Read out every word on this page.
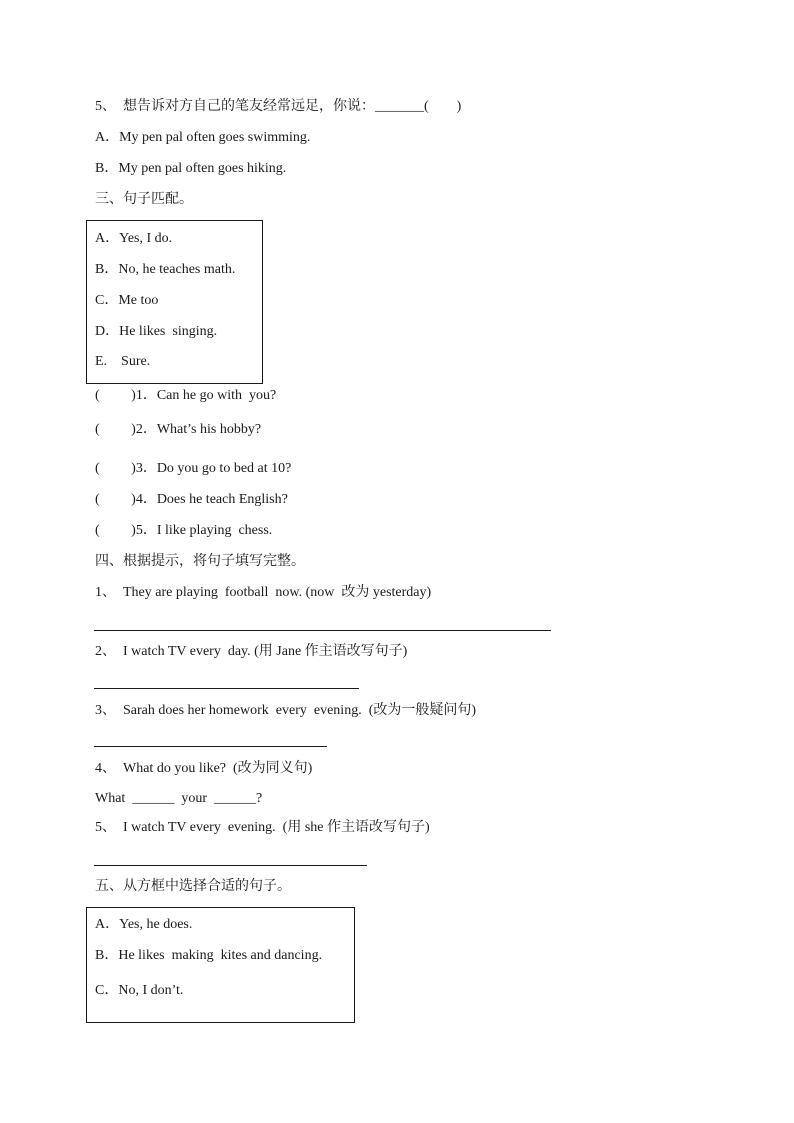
5、  想告诉对方自己的笔友经常远足，你说：_______(　　)
A．My pen pal often goes swimming.
B．My pen pal often goes hiking.
三、句子匹配。
A．Yes, I do.
B．No, he teaches math.
C．Me too
D．He likes  singing.
E.    Sure.
(　　 )1．Can he go with  you?
(　　 )2．What’s his hobby?
(　　 )3．Do you go to bed at 10?
(　　 )4．Does he teach English?
(　　 )5．I like playing  chess.
四、根据提示，将句子填写完整。
1、  They are playing  football  now. (now  改为 yesterday)
2、  I watch TV every  day. (用 Jane 作主语改写句子)
3、  Sarah does her homework  every  evening.  (改为一般疑问句)
4、  What do you like?  (改为同义句)
What  ______  your  ______?
5、  I watch TV every  evening.  (用 she 作主语改写句子)
五、从方框中选择合适的句子。
A．Yes, he does.
B．He likes  making  kites and dancing.
C．No, I don’t.
